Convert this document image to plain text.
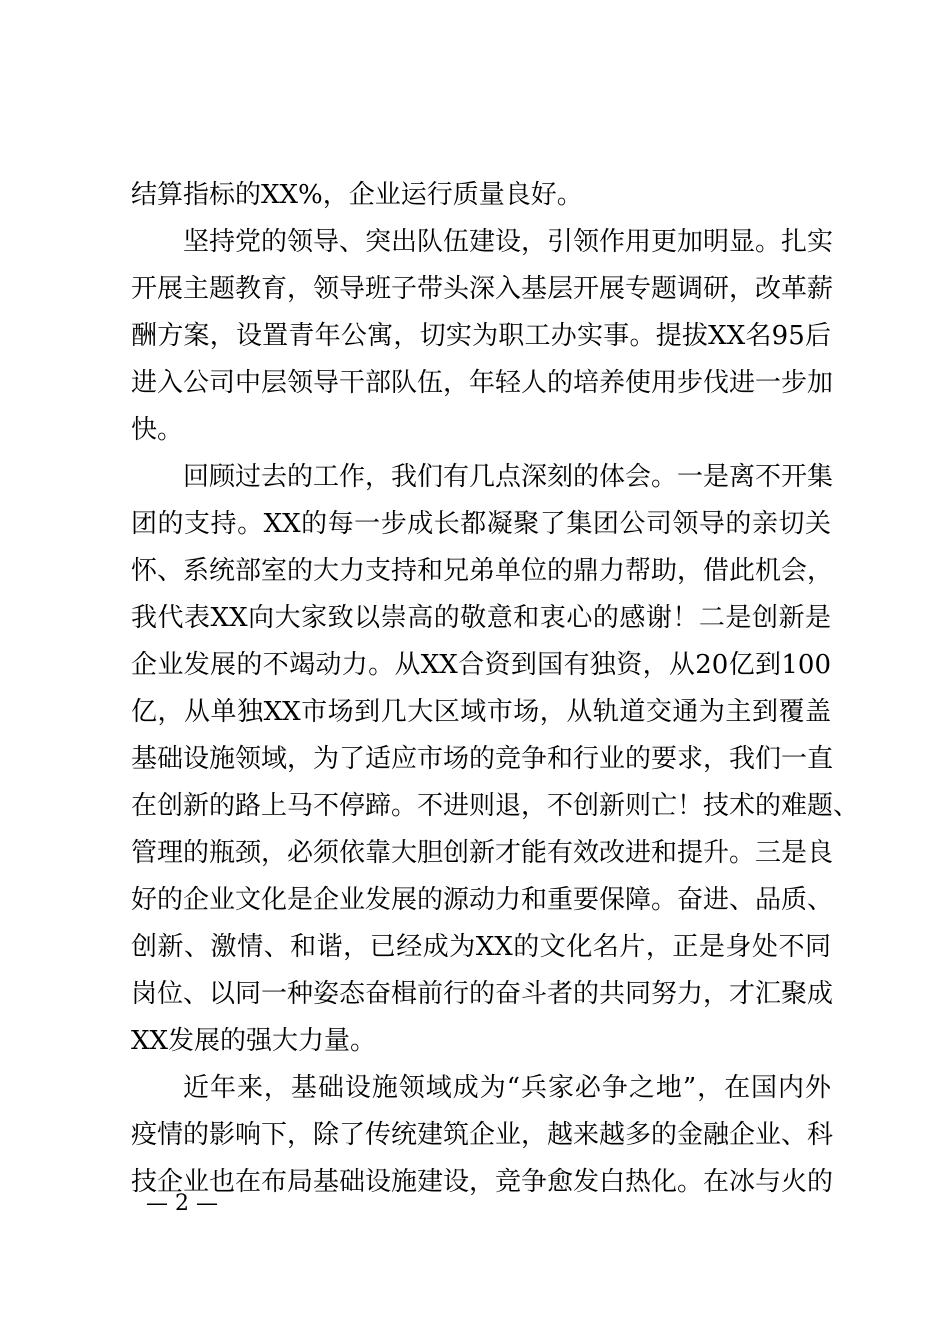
结算指标的XX%，企业运行质量良好。
坚持党的领导、突出队伍建设，引领作用更加明显。扎实
开展主题教育，领导班子带头深入基层开展专题调研，改革薪
酬方案，设置青年公寓，切实为职工办实事。提拔XX名95后
进入公司中层领导干部队伍，年轻人的培养使用步伐进一步加
快。
回顾过去的工作，我们有几点深刻的体会。一是离不开集
团的支持。XX的每一步成长都凝聚了集团公司领导的亲切关
怀、系统部室的大力支持和兄弟单位的鼎力帮助，借此机会，
我代表XX向大家致以崇高的敬意和衷心的感谢！二是创新是
企业发展的不竭动力。从XX合资到国有独资，从20亿到100
亿，从单独XX市场到几大区域市场，从轨道交通为主到覆盖
基础设施领域，为了适应市场的竞争和行业的要求，我们一直
在创新的路上马不停蹄。不进则退，不创新则亡！技术的难题、
管理的瓶颈，必须依靠大胆创新才能有效改进和提升。三是良
好的企业文化是企业发展的源动力和重要保障。奋进、品质、
创新、激情、和谐，已经成为XX的文化名片，正是身处不同
岗位、以同一种姿态奋楫前行的奋斗者的共同努力，才汇聚成
XX发展的强大力量。
近年来，基础设施领域成为“兵家必争之地”，在国内外
疫情的影响下，除了传统建筑企业，越来越多的金融企业、科
技企业也在布局基础设施建设，竞争愈发白热化。在冰与火的
— 2 —
